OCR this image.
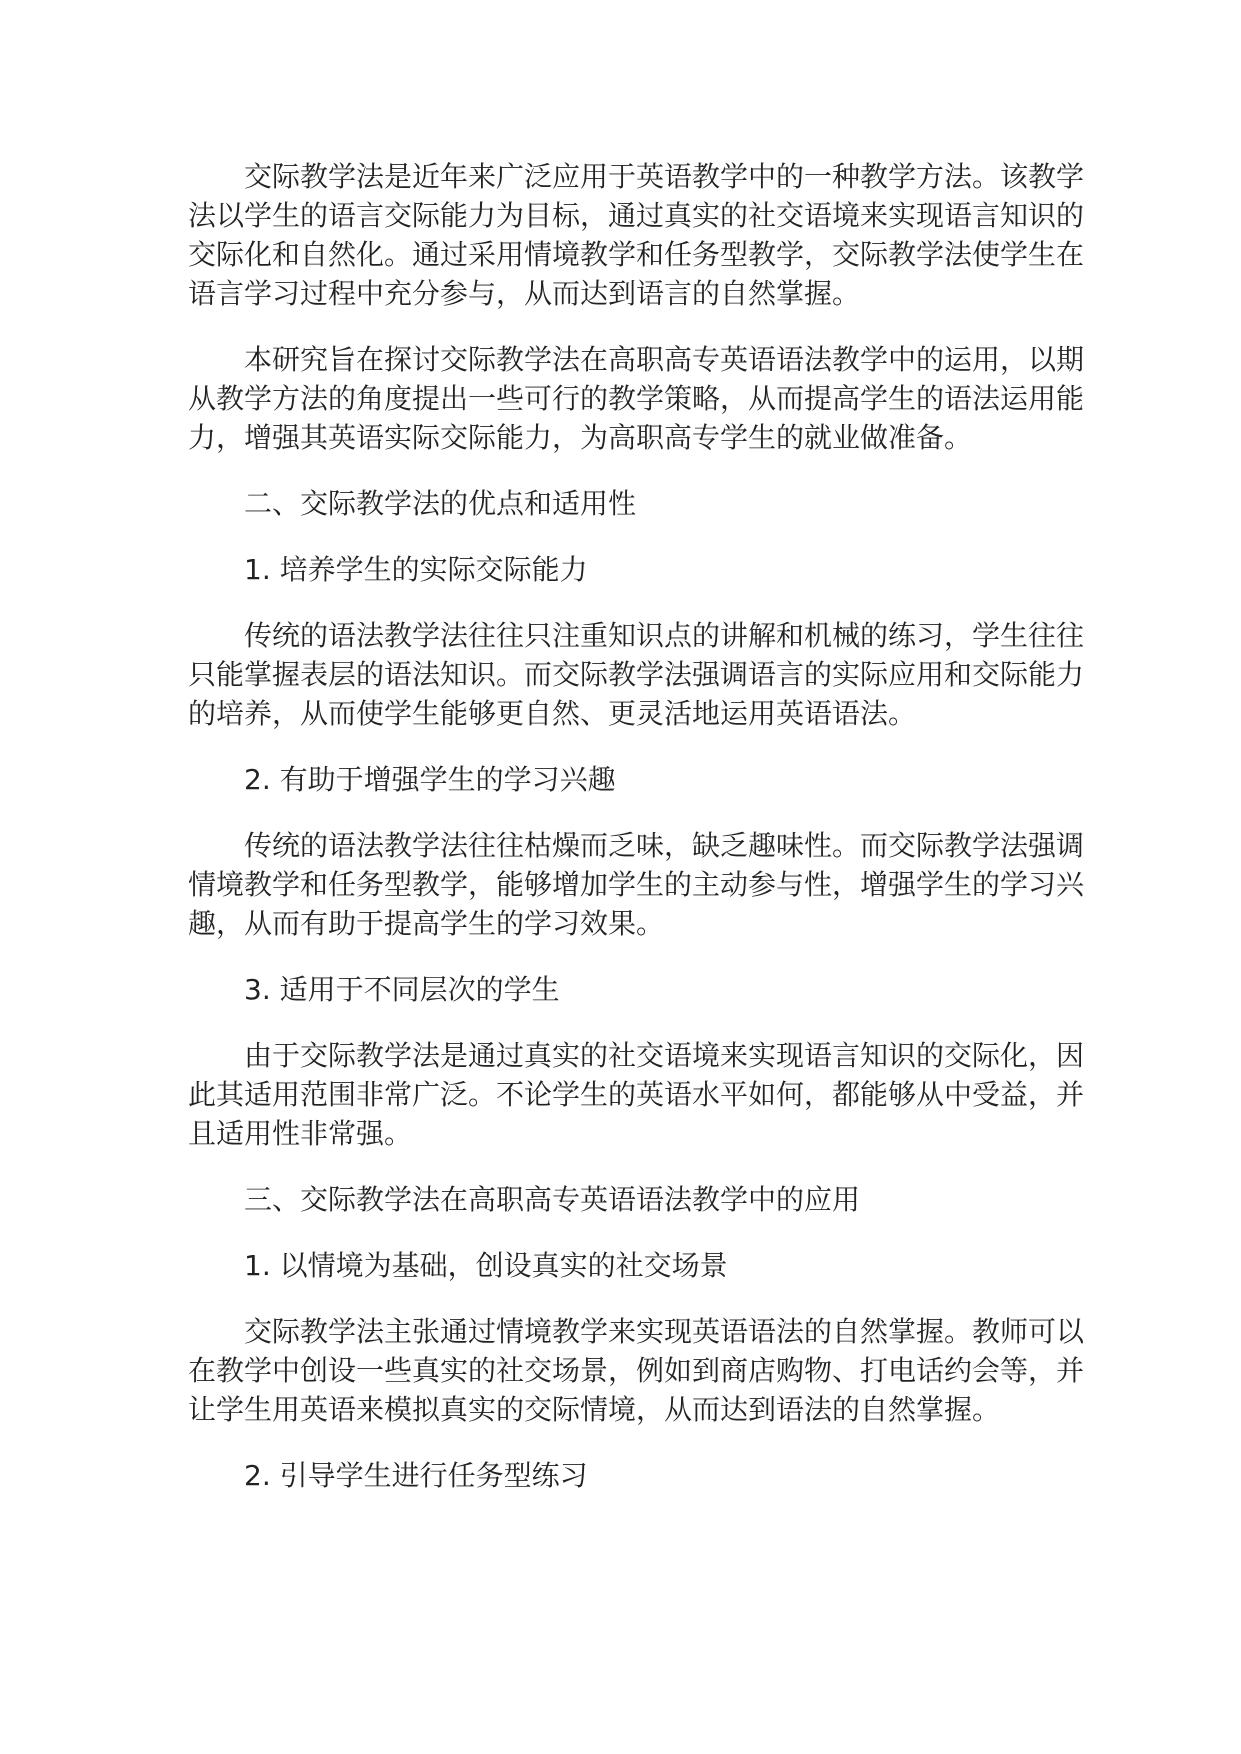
交际教学法是近年来广泛应用于英语教学中的一种教学方法。该教学法以学生的语言交际能力为目标，通过真实的社交语境来实现语言知识的交际化和自然化。通过采用情境教学和任务型教学，交际教学法使学生在语言学习过程中充分参与，从而达到语言的自然掌握。

本研究旨在探讨交际教学法在高职高专英语语法教学中的运用，以期从教学方法的角度提出一些可行的教学策略，从而提高学生的语法运用能力，增强其英语实际交际能力，为高职高专学生的就业做准备。

二、交际教学法的优点和适用性

1. 培养学生的实际交际能力

传统的语法教学法往往只注重知识点的讲解和机械的练习，学生往往只能掌握表层的语法知识。而交际教学法强调语言的实际应用和交际能力的培养，从而使学生能够更自然、更灵活地运用英语语法。

2. 有助于增强学生的学习兴趣

传统的语法教学法往往枯燥而乏味，缺乏趣味性。而交际教学法强调情境教学和任务型教学，能够增加学生的主动参与性，增强学生的学习兴趣，从而有助于提高学生的学习效果。

3. 适用于不同层次的学生

由于交际教学法是通过真实的社交语境来实现语言知识的交际化，因此其适用范围非常广泛。不论学生的英语水平如何，都能够从中受益，并且适用性非常强。

三、交际教学法在高职高专英语语法教学中的应用

1. 以情境为基础，创设真实的社交场景

交际教学法主张通过情境教学来实现英语语法的自然掌握。教师可以在教学中创设一些真实的社交场景，例如到商店购物、打电话约会等，并让学生用英语来模拟真实的交际情境，从而达到语法的自然掌握。

2. 引导学生进行任务型练习
